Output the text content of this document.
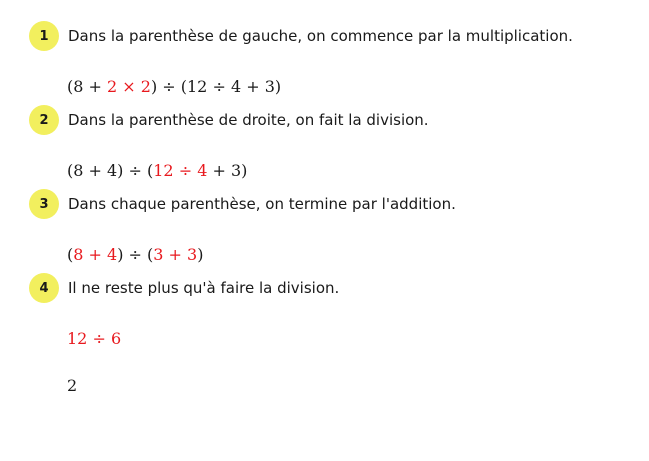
1	Dans la parenthèse de gauche, on commence par la multiplication.
(8 + 2 × 2) ÷ (12 ÷ 4 + 3)
2	Dans la parenthèse de droite, on fait la division.
(8 + 4) ÷ (12 ÷ 4 + 3)
3	Dans chaque parenthèse, on termine par l'addition.
(8 + 4) ÷ (3 + 3)
4	Il ne reste plus qu'à faire la division.
12 ÷ 6
2
